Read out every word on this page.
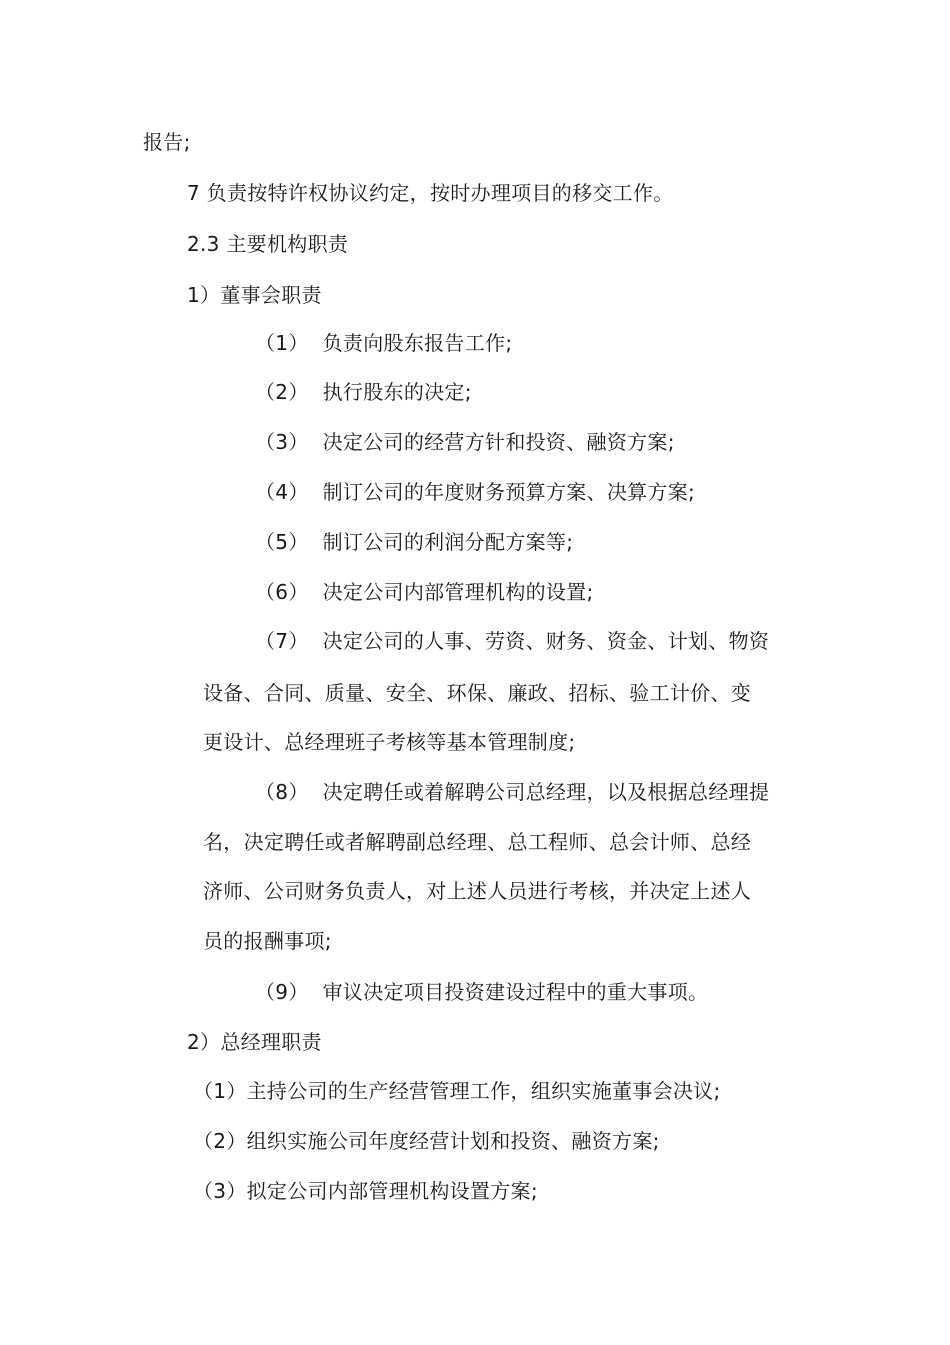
报告;
7 负责按特许权协议约定，按时办理项目的移交工作。
2.3 主要机构职责
1）董事会职责
（1） 负责向股东报告工作;
（2） 执行股东的决定;
（3） 决定公司的经营方针和投资、融资方案;
（4） 制订公司的年度财务预算方案、决算方案;
（5） 制订公司的利润分配方案等;
（6） 决定公司内部管理机构的设置;
（7） 决定公司的人事、劳资、财务、资金、计划、物资
设备、合同、质量、安全、环保、廉政、招标、验工计价、变
更设计、总经理班子考核等基本管理制度;
（8） 决定聘任或着解聘公司总经理，以及根据总经理提
名，决定聘任或者解聘副总经理、总工程师、总会计师、总经
济师、公司财务负责人，对上述人员进行考核，并决定上述人
员的报酬事项;
（9） 审议决定项目投资建设过程中的重大事项。
2）总经理职责
（1）主持公司的生产经营管理工作，组织实施董事会决议;
（2）组织实施公司年度经营计划和投资、融资方案;
（3）拟定公司内部管理机构设置方案;
